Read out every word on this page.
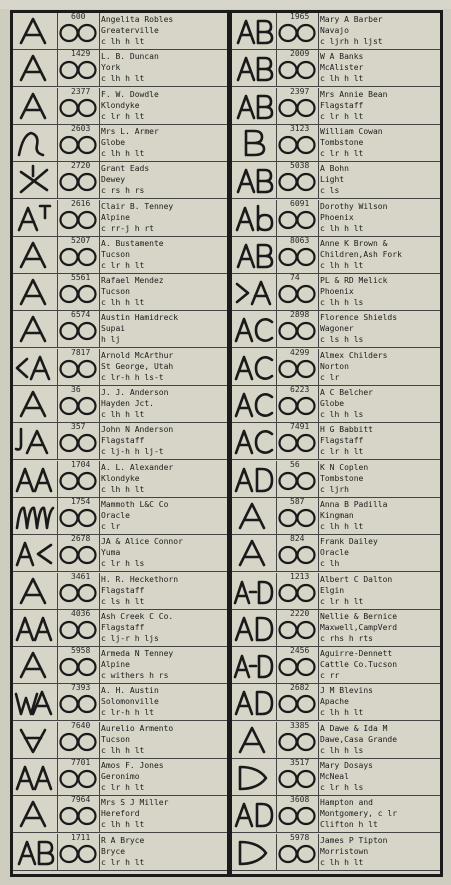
600 Angelita Robles
Greaterville
c lh h lt
1429 L. B. Duncan
York
c lh h lt
2377 F. W. Dowdle
Klondyke
c lr h lt
2603 Mrs L. Armer
Globe
c lh h lt
2720 Grant Eads
Dewey
c rs h rs
2616 Clair B. Tenney
Alpine
c rr-j h rt
5207 A. Bustamente
Tucson
c lr h lt
5561 Rafael Mendez
Tucson
c lh h lt
6574 Austin Hamidreck
Supai
h lj
7817 Arnold McArthur
St George, Utah
c lr-h h ls-t
36	J. J. Anderson
Hayden Jct.
c lh h lt
357 John N Anderson
Flagstaff
c lj-h h lj-t
1704 A. L. Alexander
Klondyke
c lh h lt
1754 Mammoth L&C Co
Oracle
c lr
2678 JA & Alice Connor
Yuma
c lr h ls
3461 H. R. Heckethorn
Flagstaff
c ls h lt
4036 Ash Creek C Co.
Flagstaff
c lj-r h ljs
5958 Armeda N Tenney
Alpine
c withers h rs
7393 A. H. Austin
Solomonville
c lr-h h lt
7640 Aurelio Armento
Tucson
c lh h lt
7701 Amos F. Jones
Geronimo
c lr h lt
7964 Mrs S J Miller
Hereford
c lh h lt
1711 R A Bryce
Bryce
c lr h lt
1965 Mary A Barber
Navajo
c ljrh h ljst
2009 W A Banks
McAlister
c lh h lt
2397 Mrs Annie Bean
Flagstaff
c lr h lt
3123 William Cowan
Tombstone
c lr h lt
5038 A Bohn
Light
c ls
6091 Dorothy Wilson
Phoenix
c lh h lt
8063 Anne K Brown &
Children,Ash Fork
c lh h lt
74	PL & RD Melick
Phoenix
c lh h ls
2898 Florence Shields
Wagoner
c ls h ls
4299 Almex Childers
Norton
c lr
6223 A C Belcher
Globe
c lh h ls
7491 H G Babbitt
Flagstaff
c lr h lt
56	K N Coplen
Tombstone
c ljrh
587 Anna B Padilla
Kingman
c lh h lt
824 Frank Dailey
Oracle
c lh
1213 Albert C Dalton
Elgin
c lr h lt
2220 Nellie & Bernice
Maxwell,CampVerd
c rhs h rts
2456 Aguirre-Dennett
Cattle Co.Tucson
c rr
2682 J M Blevins
Apache
c lh h lt
3385 A Dawe & Ida M
Dawe,Casa Grande
c lh h ls
3517 Mary Dosays
McNeal
c lr h ls
3608 Hampton and
Montgomery, c lr
Clifton h lt
5978 James P Tipton
Morristown
c lh h lt
